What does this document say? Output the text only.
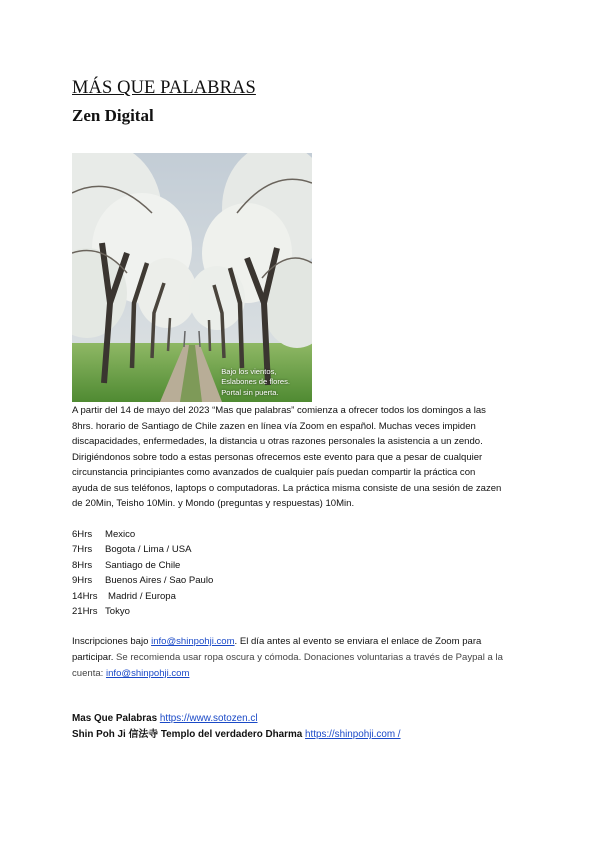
MÁS QUE PALABRAS
Zen Digital
Bajo los vientos,
Eslabones de flores.
Portal sin puerta.
A partir del 14 de mayo del 2023 “Mas que palabras” comienza a ofrecer todos los domingos a las
8hrs. horario de Santiago de Chile zazen en línea vía Zoom en español. Muchas veces impiden
discapacidades, enfermedades, la distancia u otras razones personales la asistencia a un zendo.
Dirigiéndonos sobre todo a estas personas ofrecemos este evento para que a pesar de cualquier
circunstancia principiantes como avanzados de cualquier país puedan compartir la práctica con
ayuda de sus teléfonos, laptops o computadoras. La práctica misma consiste de una sesión de zazen
de 20Min, Teisho 10Min. y Mondo (preguntas y respuestas) 10Min.
6Hrs Mexico
7Hrs Bogota / Lima / USA
8Hrs Santiago de Chile
9Hrs Buenos Aires / Sao Paulo
14Hrs Madrid / Europa
21Hrs Tokyo
Inscripciones bajo info@shinpohji.com. El día antes al evento se enviara el enlace de Zoom para
participar. Se recomienda usar ropa oscura y cómoda. Donaciones voluntarias a través de Paypal a la
cuenta: info@shinpohji.com
Mas Que Palabras https://www.sotozen.cl
Shin Poh Ji 信法寺 Templo del verdadero Dharma https://shinpohji.com /
